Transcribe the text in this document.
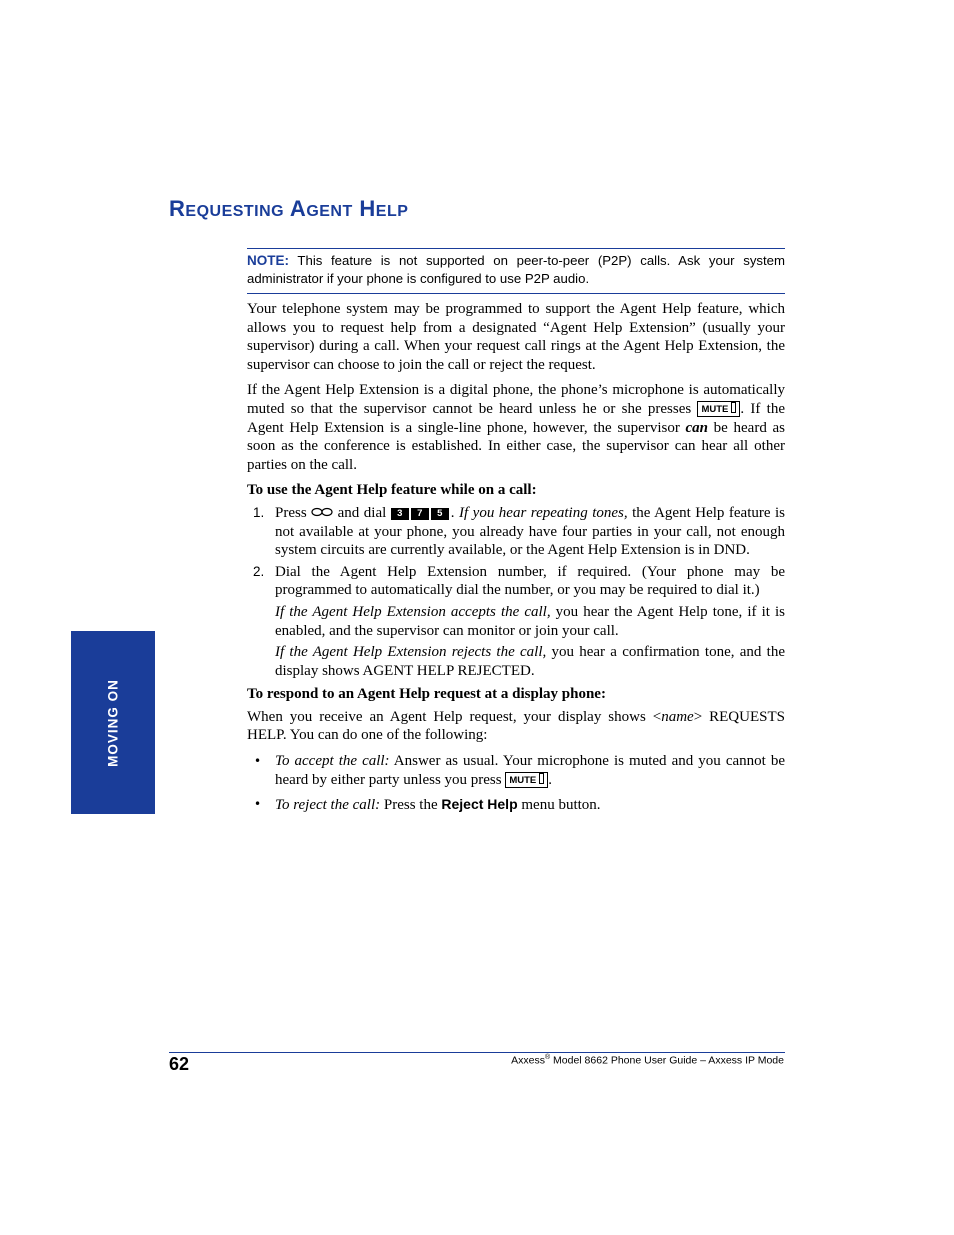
REQUESTING AGENT HELP
NOTE: This feature is not supported on peer-to-peer (P2P) calls. Ask your system administrator if your phone is configured to use P2P audio.

Your telephone system may be programmed to support the Agent Help feature, which allows you to request help from a designated “Agent Help Extension” (usually your supervisor) during a call. When your request call rings at the Agent Help Extension, the supervisor can choose to join the call or reject the request.

If the Agent Help Extension is a digital phone, the phone’s microphone is automatically muted so that the supervisor cannot be heard unless he or she presses MUTE . If the Agent Help Extension is a single-line phone, however, the supervisor can be heard as soon as the conference is established. In either case, the supervisor can hear all other parties on the call.

To use the Agent Help feature while on a call:

1. Press  and dial 3 7 5 . If you hear repeating tones, the Agent Help feature is not available at your phone, you already have four parties in your call, not enough system circuits are currently available, or the Agent Help Extension is in DND.

2. Dial the Agent Help Extension number, if required. (Your phone may be programmed to automatically dial the number, or you may be required to dial it.)

If the Agent Help Extension accepts the call, you hear the Agent Help tone, if it is enabled, and the supervisor can monitor or join your call.

If the Agent Help Extension rejects the call, you hear a confirmation tone, and the display shows AGENT HELP REJECTED.

To respond to an Agent Help request at a display phone:

When you receive an Agent Help request, your display shows <name> REQUESTS HELP. You can do one of the following:

• To accept the call: Answer as usual. Your microphone is muted and you cannot be heard by either party unless you press MUTE .

• To reject the call: Press the Reject Help menu button.

MOVING ON
62	Axxess® Model 8662 Phone User Guide – Axxess IP Mode
